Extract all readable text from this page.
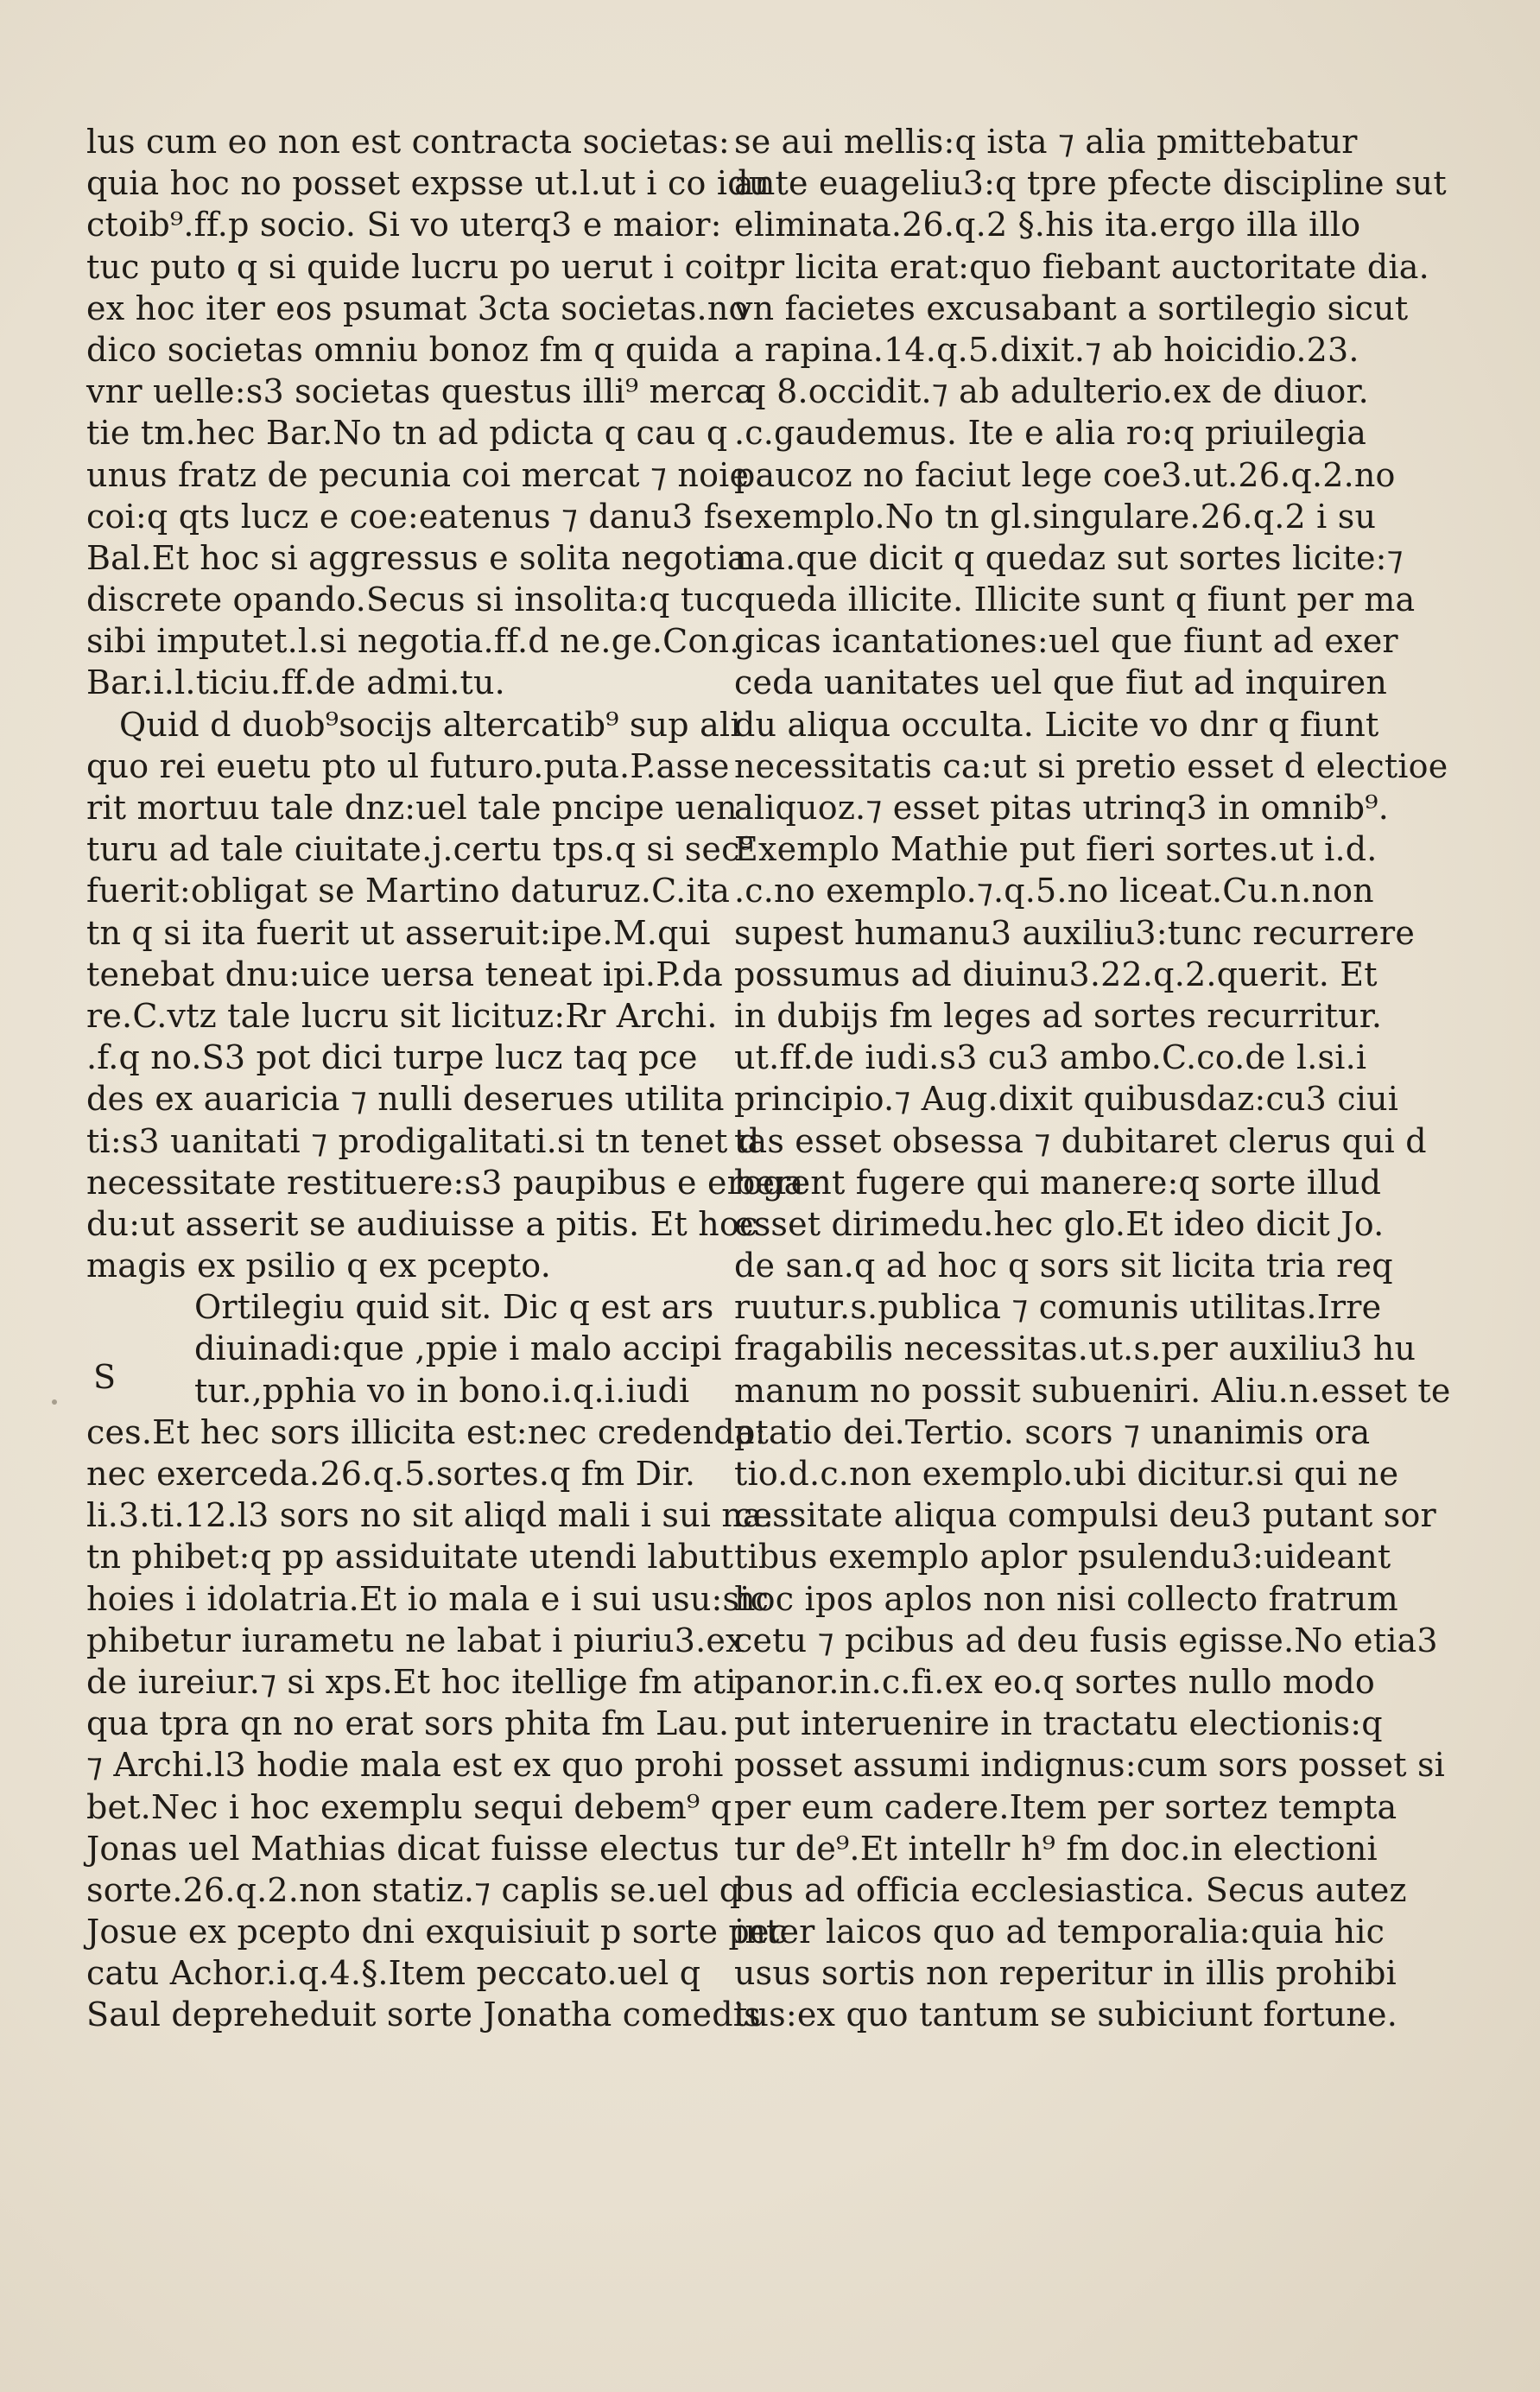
lus cum eo non est contracta societas:
quia hoc no posset expsse ut.l.ut i co idu
ctoib⁹.ff.p socio. Si vo uterq3 e maior:
tuc puto q si quide lucru po uerut i coi:
ex hoc iter eos psumat 3cta societas.no
dico societas omniu bonoz fm q quida
vnr uelle:s3 societas questus illi⁹ merca
tie tm.hec Bar.No tn ad pdicta q cau q
unus fratz de pecunia coi mercat ⁊ noie
coi:q qts lucz e coe:eatenus ⁊ danu3 fs
Bal.Et hoc si aggressus e solita negotia
discrete opando.Secus si insolita:q tuc
sibi imputet.l.si negotia.ff.d ne.ge.Con.
Bar.i.l.ticiu.ff.de admi.tu.
Quid d duob⁹socijs altercatib⁹ sup ali
quo rei euetu pto ul futuro.puta.P.asse
rit mortuu tale dnz:uel tale pncipe uen
turu ad tale ciuitate.j.certu tps.q si sec⁹
fuerit:obligat se Martino daturuz.C.ita
tn q si ita fuerit ut asseruit:ipe.M.qui
tenebat dnu:uice uersa teneat ipi.P.da
re.C.vtz tale lucru sit licituz:Rr Archi.
.f.q no.S3 pot dici turpe lucz taq pce
des ex auaricia ⁊ nulli deserues utilita
ti:s3 uanitati ⁊ prodigalitati.si tn tenet d
necessitate restituere:s3 paupibus e eroga
du:ut asserit se audiuisse a pitis. Et hoc
magis ex psilio q ex pcepto.
Ortilegiu quid sit. Dic q est ars
diuinadi:que ,ppie i malo accipi
tur.,pphia vo in bono.i.q.i.iudi
ces.Et hec sors illicita est:nec credenda:
nec exerceda.26.q.5.sortes.q fm Dir.
li.3.ti.12.l3 sors no sit aliqd mali i sui na:
tn phibet:q pp assiduitate utendi labut
hoies i idolatria.Et io mala e i sui usu:sic
phibetur iurametu ne labat i piuriu3.ex
de iureiur.⁊ si xps.Et hoc itellige fm ati
qua tpra qn no erat sors phita fm Lau.
⁊ Archi.l3 hodie mala est ex quo prohi
bet.Nec i hoc exemplu sequi debem⁹ q
Jonas uel Mathias dicat fuisse electus
sorte.26.q.2.non statiz.⁊ caplis se.uel q
Josue ex pcepto dni exquisiuit p sorte pec
catu Achor.i.q.4.§.Item peccato.uel q
Saul depreheduit sorte Jonatha comedis
S
se aui mellis:q ista ⁊ alia pmittebatur
ante euageliu3:q tpre pfecte discipline sut
eliminata.26.q.2 §.his ita.ergo illa illo
tpr licita erat:quo fiebant auctoritate dia.
vn facietes excusabant a sortilegio sicut
a rapina.14.q.5.dixit.⁊ ab hoicidio.23.
.q 8.occidit.⁊ ab adulterio.ex de diuor.
.c.gaudemus. Ite e alia ro:q priuilegia
paucoz no faciut lege coe3.ut.26.q.2.no
exemplo.No tn gl.singulare.26.q.2 i su
ma.que dicit q quedaz sut sortes licite:⁊
queda illicite. Illicite sunt q fiunt per ma
gicas icantationes:uel que fiunt ad exer
ceda uanitates uel que fiut ad inquiren
du aliqua occulta. Licite vo dnr q fiunt
necessitatis ca:ut si pretio esset d electioe
aliquoz.⁊ esset pitas utrinq3 in omnib⁹.
Exemplo Mathie put fieri sortes.ut i.d.
.c.no exemplo.⁊.q.5.no liceat.Cu.n.non
supest humanu3 auxiliu3:tunc recurrere
possumus ad diuinu3.22.q.2.querit. Et
in dubijs fm leges ad sortes recurritur.
ut.ff.de iudi.s3 cu3 ambo.C.co.de l.si.i
principio.⁊ Aug.dixit quibusdaz:cu3 ciui
tas esset obsessa ⁊ dubitaret clerus qui d
berent fugere qui manere:q sorte illud
esset dirimedu.hec glo.Et ideo dicit Jo.
de san.q ad hoc q sors sit licita tria req
ruutur.s.publica ⁊ comunis utilitas.Irre
fragabilis necessitas.ut.s.per auxiliu3 hu
manum no possit subueniri. Aliu.n.esset te
ptatio dei.Tertio. scors ⁊ unanimis ora
tio.d.c.non exemplo.ubi dicitur.si qui ne
cessitate aliqua compulsi deu3 putant sor
tibus exemplo aplor psulendu3:uideant
hoc ipos aplos non nisi collecto fratrum
cetu ⁊ pcibus ad deu fusis egisse.No etia3
panor.in.c.fi.ex eo.q sortes nullo modo
put interuenire in tractatu electionis:q
posset assumi indignus:cum sors posset si
per eum cadere.Item per sortez tempta
tur de⁹.Et intellr h⁹ fm doc.in electioni
bus ad officia ecclesiastica. Secus autez
inter laicos quo ad temporalia:quia hic
usus sortis non reperitur in illis prohibi
tus:ex quo tantum se subiciunt fortune.
